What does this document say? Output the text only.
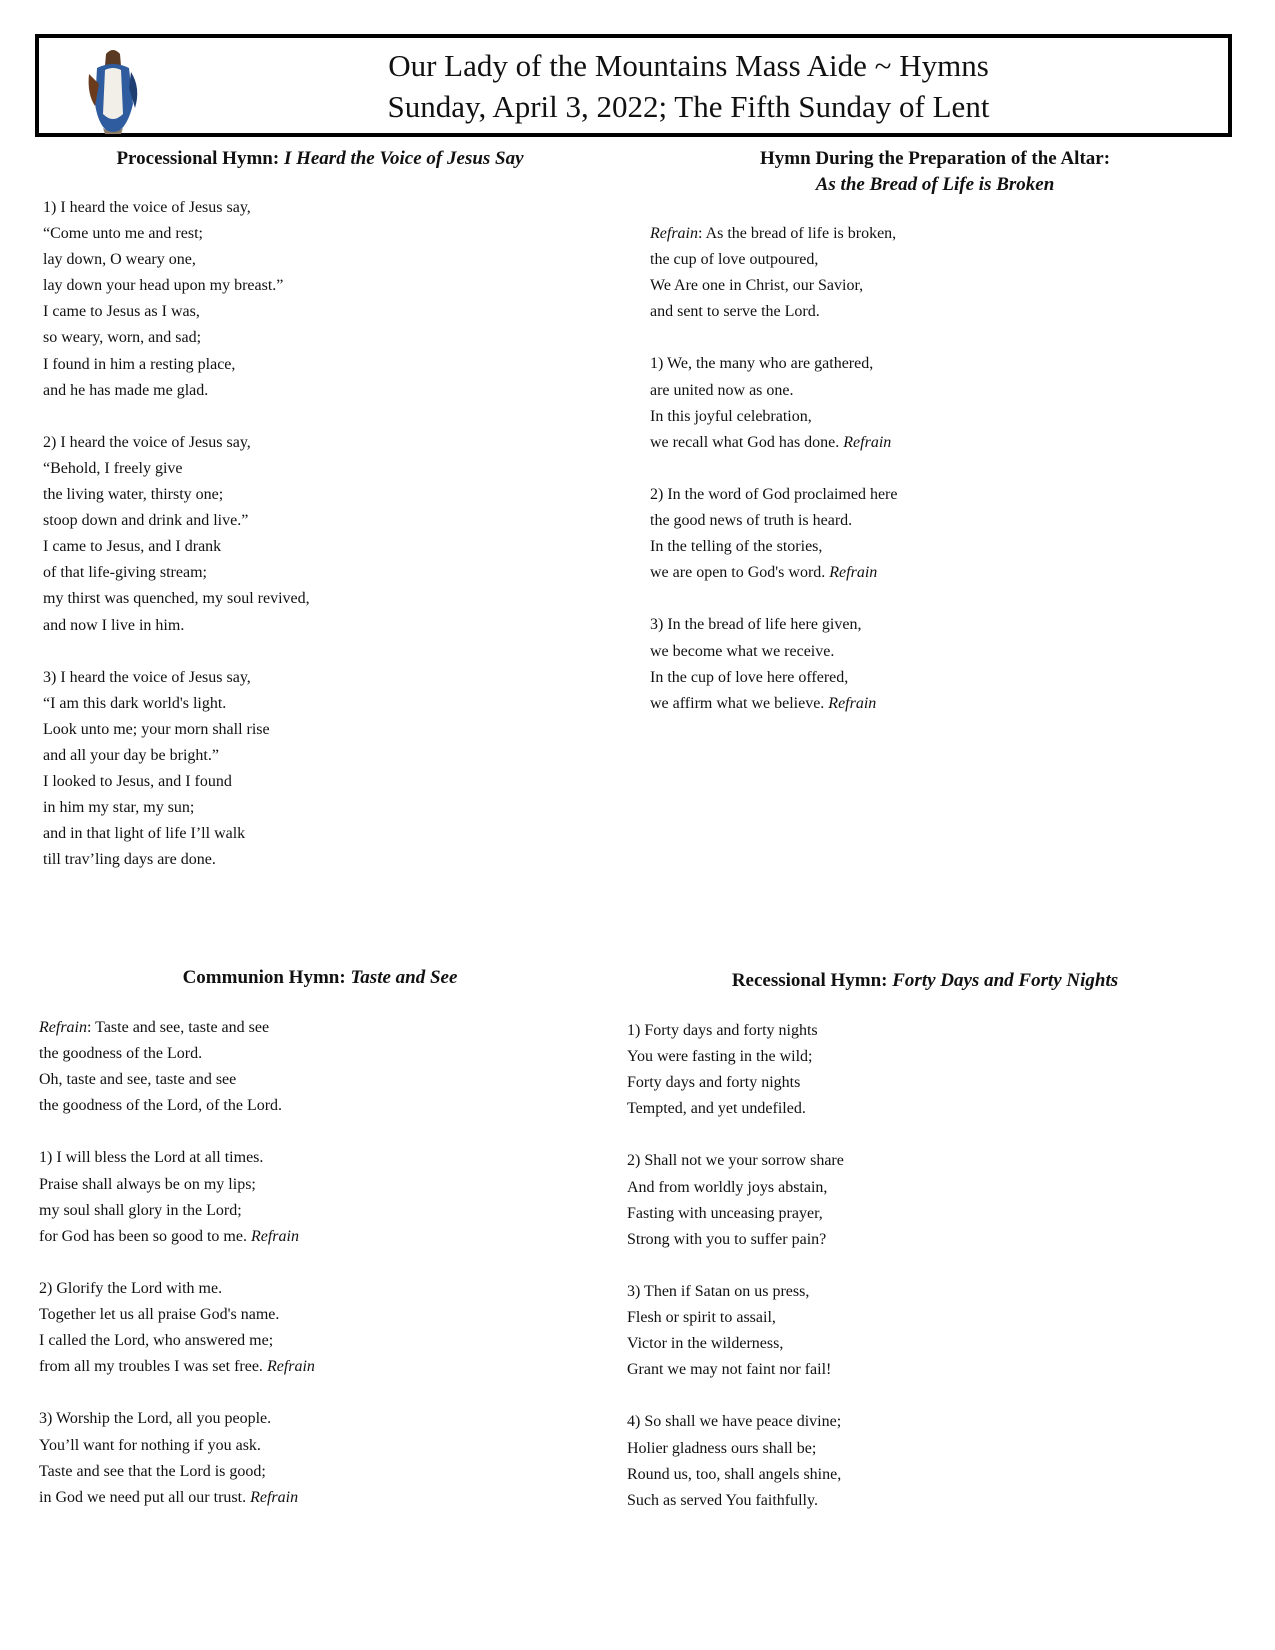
Our Lady of the Mountains Mass Aide ~ Hymns
Sunday, April 3, 2022; The Fifth Sunday of Lent
Processional Hymn: I Heard the Voice of Jesus Say
1) I heard the voice of Jesus say,
“Come unto me and rest;
lay down, O weary one,
lay down your head upon my breast.”
I came to Jesus as I was,
so weary, worn, and sad;
I found in him a resting place,
and he has made me glad.
2) I heard the voice of Jesus say,
“Behold, I freely give
the living water, thirsty one;
stoop down and drink and live.”
I came to Jesus, and I drank
of that life-giving stream;
my thirst was quenched, my soul revived,
and now I live in him.
3) I heard the voice of Jesus say,
“I am this dark world's light.
Look unto me; your morn shall rise
and all your day be bright.”
I looked to Jesus, and I found
in him my star, my sun;
and in that light of life I’ll walk
till trav’ling days are done.
Hymn During the Preparation of the Altar:
As the Bread of Life is Broken
Refrain: As the bread of life is broken,
the cup of love outpoured,
We Are one in Christ, our Savior,
and sent to serve the Lord.
1) We, the many who are gathered,
are united now as one.
In this joyful celebration,
we recall what God has done. Refrain
2) In the word of God proclaimed here
the good news of truth is heard.
In the telling of the stories,
we are open to God's word. Refrain
3) In the bread of life here given,
we become what we receive.
In the cup of love here offered,
we affirm what we believe. Refrain
Communion Hymn: Taste and See
Refrain: Taste and see, taste and see
the goodness of the Lord.
Oh, taste and see, taste and see
the goodness of the Lord, of the Lord.
1) I will bless the Lord at all times.
Praise shall always be on my lips;
my soul shall glory in the Lord;
for God has been so good to me. Refrain
2) Glorify the Lord with me.
Together let us all praise God's name.
I called the Lord, who answered me;
from all my troubles I was set free. Refrain
3) Worship the Lord, all you people.
You’ll want for nothing if you ask.
Taste and see that the Lord is good;
in God we need put all our trust. Refrain
Recessional Hymn: Forty Days and Forty Nights
1) Forty days and forty nights
You were fasting in the wild;
Forty days and forty nights
Tempted, and yet undefiled.
2) Shall not we your sorrow share
And from worldly joys abstain,
Fasting with unceasing prayer,
Strong with you to suffer pain?
3) Then if Satan on us press,
Flesh or spirit to assail,
Victor in the wilderness,
Grant we may not faint nor fail!
4) So shall we have peace divine;
Holier gladness ours shall be;
Round us, too, shall angels shine,
Such as served You faithfully.
